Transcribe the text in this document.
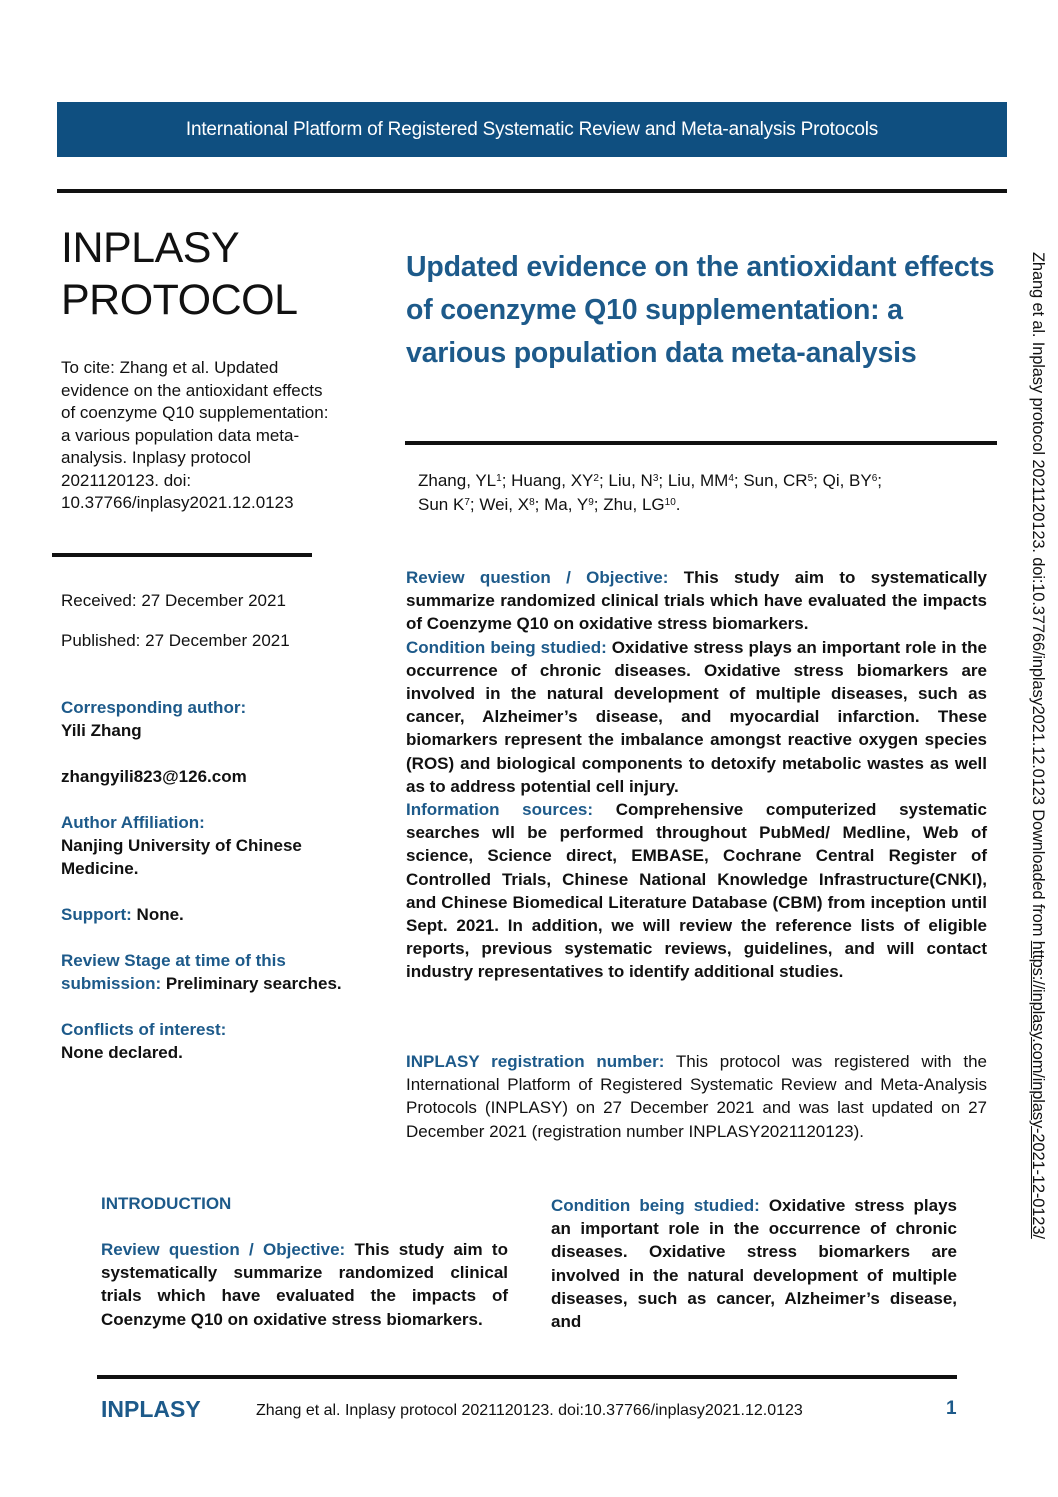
International Platform of Registered Systematic Review and Meta-analysis Protocols
INPLASY
PROTOCOL
To cite: Zhang et al. Updated evidence on the antioxidant effects of coenzyme Q10 supplementation: a various population data meta-analysis. Inplasy protocol 2021120123. doi: 10.37766/inplasy2021.12.0123
Received: 27 December 2021
Published: 27 December 2021
Corresponding author:
Yili Zhang
zhangyili823@126.com
Author Affiliation:
Nanjing University of Chinese Medicine.
Support: None.
Review Stage at time of this submission: Preliminary searches.
Conflicts of interest:
None declared.
Updated evidence on the antioxidant effects of coenzyme Q10 supplementation: a various population data meta-analysis
Zhang, $YL^1$; Huang, $XY^2$; Liu, $N^3$; Liu, $MM^4$; Sun, $CR^5$; Qi, $BY^6$;
Sun $K^7$; Wei, $X^8$; Ma, $Y^9$; Zhu, LG$^{10}$.

Review question / Objective: This study aim to systematically summarize randomized clinical trials which have evaluated the impacts of Coenzyme Q10 on oxidative stress biomarkers.

Condition being studied: Oxidative stress plays an important role in the occurrence of chronic diseases. Oxidative stress biomarkers are involved in the natural development of multiple diseases, such as cancer, Alzheimer’s disease, and myocardial infarction. These biomarkers represent the imbalance amongst reactive oxygen species (ROS) and biological components to detoxify metabolic wastes as well as to address potential cell injury.

Information sources: Comprehensive computerized systematic searches wll be performed throughout PubMed/ Medline, Web of science, Science direct, EMBASE, Cochrane Central Register of Controlled Trials, Chinese National Knowledge Infrastructure(CNKI), and Chinese Biomedical Literature Database (CBM) from inception until Sept. 2021. In addition, we will review the reference lists of eligible reports, previous systematic reviews, guidelines, and will contact industry representatives to identify additional studies.

INPLASY registration number: This protocol was registered with the International Platform of Registered Systematic Review and Meta-Analysis Protocols (INPLASY) on 27 December 2021 and was last updated on 27 December 2021 (registration number INPLASY2021120123).
INTRODUCTION
Review question / Objective: This study aim to systematically summarize randomized clinical trials which have evaluated the impacts of Coenzyme Q10 on oxidative stress biomarkers.
Condition being studied: Oxidative stress plays an important role in the occurrence of chronic diseases. Oxidative stress biomarkers are involved in the natural development of multiple diseases, such as cancer, Alzheimer’s disease, and
INPLASY	Zhang et al. Inplasy protocol 2021120123. doi:10.37766/inplasy2021.12.0123	1
Zhang et al. Inplasy protocol 2021120123. doi:10.37766/inplasy2021.12.0123 Downloaded from https://inplasy.com/inplasy-2021-12-0123/
